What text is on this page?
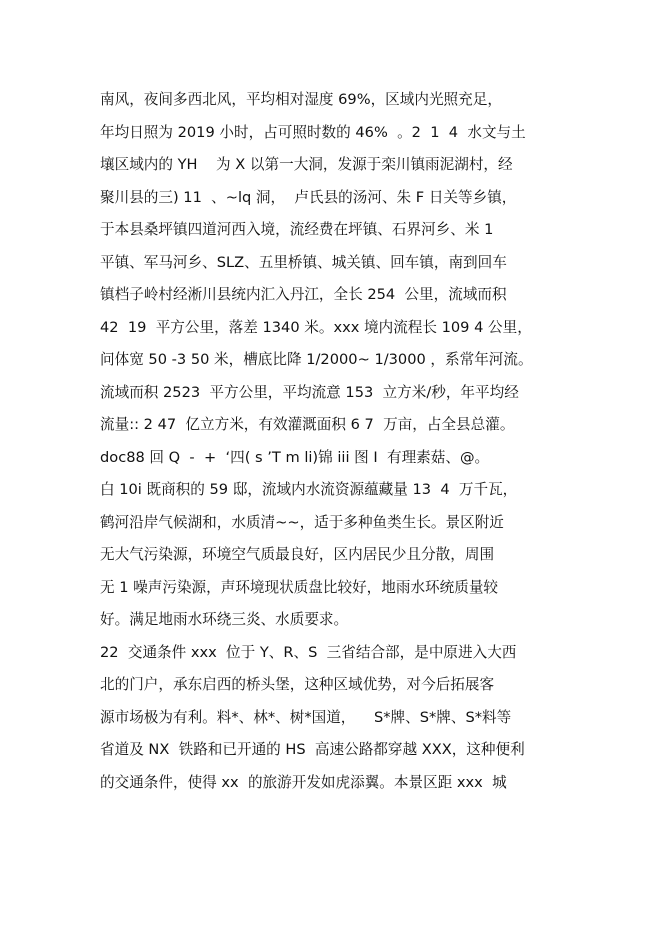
南风，夜间多西北风，平均相对湿度 69%，区域内光照充足，
年均日照为 2019 小时，占可照时数的 46%  。2  1  4  水文与土
壤区域内的 YH    为 X 以第一大洞，发源于栾川镇雨泥湖村，经
聚川县的三) 11  、~lq 洞，  卢氏县的汤河、朱 F 日关等乡镇，
于本县桑坪镇四道河西入境，流经费在坪镇、石界河乡、米 1
平镇、军马河乡、SLZ、五里桥镇、城关镇、回车镇，南到回车
镇档子岭村经淅川县统内汇入丹江，全长 254  公里，流域而积
42  19  平方公里，落差 1340 米。xxx 境内流程长 109 4 公里，
问体宽 50 -3 50 米，槽底比降 1/2000~ 1/3000 ，系常年河流。
流域而积 2523  平方公里，平均流意 153  立方米/秒，年平均经
流量:: 2 47  亿立方米，有效灌溉面积 6 7  万亩，占全县总灌。
doc88 回 Q  -  +  ‘四( s ’T m li)锦 iii 图 I  有理素菇、@。
白 10i 既商积的 59 邸，流域内水流资源蕴藏量 13  4  万千瓦，
鹤河沿岸气候湖和，水质清~~，适于多种鱼类生长。景区附近
无大气污染源，环境空气质最良好，区内居民少且分散，周围
无 1 噪声污染源，声环境现状质盘比较好，地雨水环统质量较
好。满足地雨水环绕三炎、水质要求。
22  交通条件 xxx  位于 Y、R、S  三省结合部，是中原进入大西
北的门户，承东启西的桥头堡，这种区域优势，对今后拓展客
源市场极为有利。料*、林*、树*国道，    S*牌、S*牌、S*料等
省道及 NX  铁路和已开通的 HS  高速公路都穿越 XXX，这种便利
的交通条件，使得 xx  的旅游开发如虎添翼。本景区距 xxx  城
